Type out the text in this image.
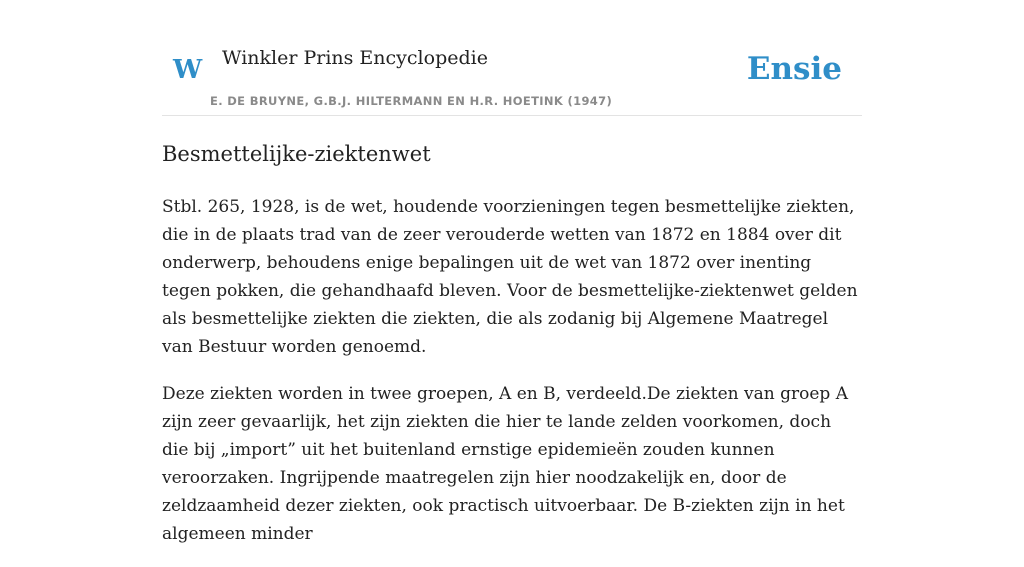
W Winkler Prins Encyclopedie
E. DE BRUYNE, G.B.J. HILTERMANN EN H.R. HOETINK (1947)
Ensie
Besmettelijke-ziektenwet

Stbl. 265, 1928, is de wet, houdende voorzieningen tegen besmettelijke ziekten, die in de plaats trad van de zeer verouderde wetten van 1872 en 1884 over dit onderwerp, behoudens enige bepalingen uit de wet van 1872 over inenting tegen pokken, die gehandhaafd bleven. Voor de besmettelijke-ziektenwet gelden als besmettelijke ziekten die ziekten, die als zodanig bij Algemene Maatregel van Bestuur worden genoemd.

Deze ziekten worden in twee groepen, A en B, verdeeld.De ziekten van groep A zijn zeer gevaarlijk, het zijn ziekten die hier te lande zelden voorkomen, doch die bij „import” uit het buitenland ernstige epidemieën zouden kunnen veroorzaken. Ingrijpende maatregelen zijn hier noodzakelijk en, door de zeldzaamheid dezer ziekten, ook practisch uitvoerbaar. De B-ziekten zijn in het algemeen minder
